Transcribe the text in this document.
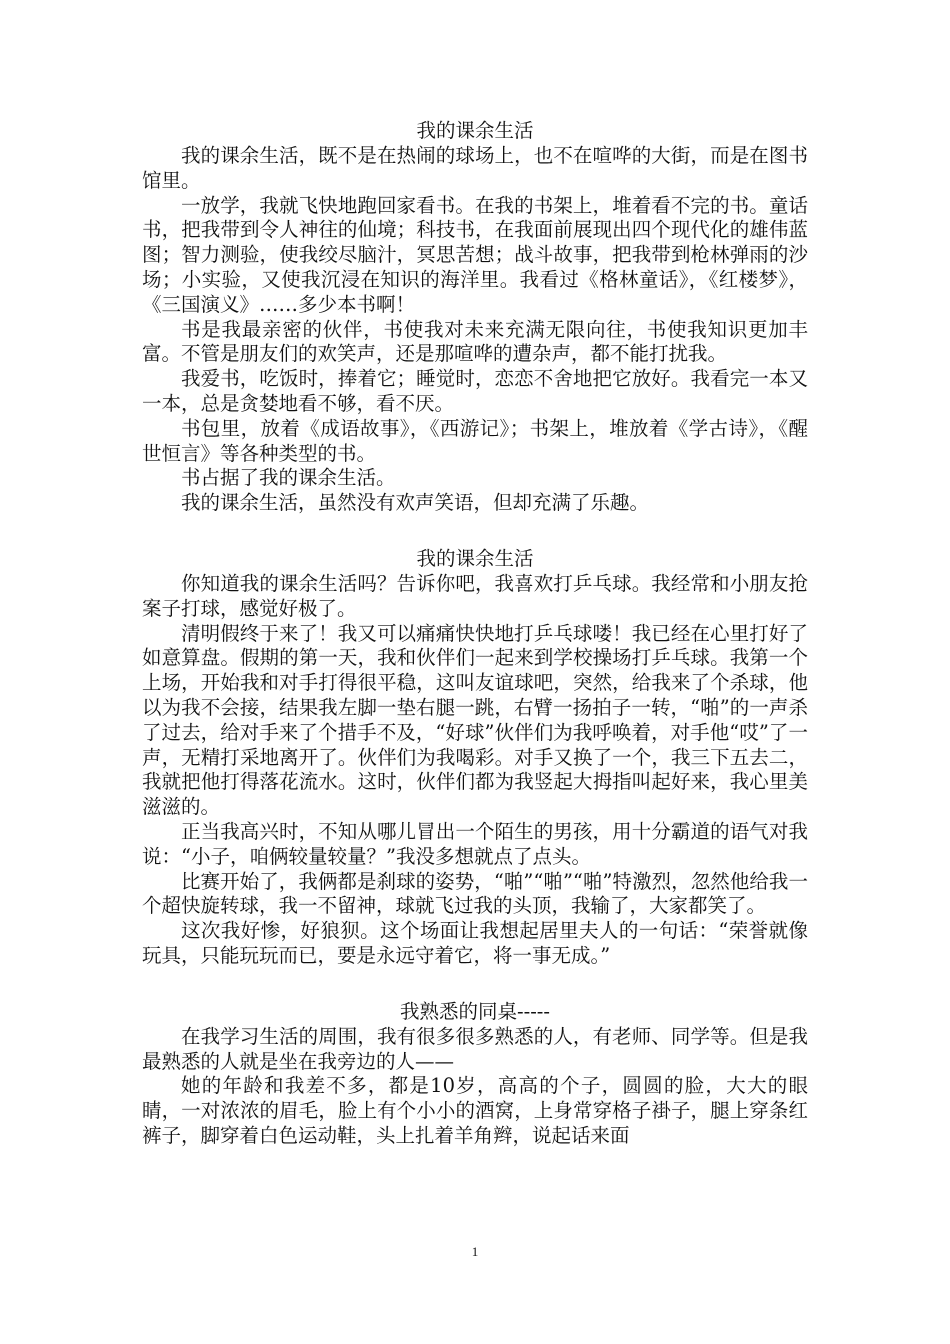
我的课余生活

我的课余生活，既不是在热闹的球场上，也不在喧哗的大街，而是在图书馆里。

一放学，我就飞快地跑回家看书。在我的书架上，堆着看不完的书。童话书，把我带到令人神往的仙境；科技书，在我面前展现出四个现代化的雄伟蓝图；智力测验，使我绞尽脑汁，冥思苦想；战斗故事，把我带到枪林弹雨的沙场；小实验，又使我沉浸在知识的海洋里。我看过《格林童话》，《红楼梦》，《三国演义》……多少本书啊！

书是我最亲密的伙伴，书使我对未来充满无限向往，书使我知识更加丰富。不管是朋友们的欢笑声，还是那喧哗的遭杂声，都不能打扰我。

我爱书，吃饭时，捧着它；睡觉时，恋恋不舍地把它放好。我看完一本又一本，总是贪婪地看不够，看不厌。

书包里，放着《成语故事》，《西游记》；书架上，堆放着《学古诗》，《醒世恒言》等各种类型的书。

书占据了我的课余生活。

我的课余生活，虽然没有欢声笑语，但却充满了乐趣。

我的课余生活

你知道我的课余生活吗？告诉你吧，我喜欢打乒乓球。我经常和小朋友抢案子打球，感觉好极了。

清明假终于来了！我又可以痛痛快快地打乒乓球喽！我已经在心里打好了如意算盘。假期的第一天，我和伙伴们一起来到学校操场打乒乓球。我第一个上场，开始我和对手打得很平稳，这叫友谊球吧，突然，给我来了个杀球，他以为我不会接，结果我左脚一垫右腿一跳，右臂一扬拍子一转，“啪”的一声杀了过去，给对手来了个措手不及，“好球”伙伴们为我呼唤着，对手他“哎”了一声，无精打采地离开了。伙伴们为我喝彩。对手又换了一个，我三下五去二，我就把他打得落花流水。这时，伙伴们都为我竖起大拇指叫起好来，我心里美滋滋的。

正当我高兴时，不知从哪儿冒出一个陌生的男孩，用十分霸道的语气对我说：“小子，咱俩较量较量？”我没多想就点了点头。

比赛开始了，我俩都是刹球的姿势，“啪”“啪”“啪”特激烈，忽然他给我一个超快旋转球，我一不留神，球就飞过我的头顶，我输了，大家都笑了。

这次我好惨，好狼狈。这个场面让我想起居里夫人的一句话：“荣誉就像玩具，只能玩玩而已，要是永远守着它，将一事无成。”

我熟悉的同桌-----

在我学习生活的周围，我有很多很多熟悉的人，有老师、同学等。但是我最熟悉的人就是坐在我旁边的人——

她的年龄和我差不多，都是10岁，高高的个子，圆圆的脸，大大的眼睛，一对浓浓的眉毛，脸上有个小小的酒窝，上身常穿格子褂子，腿上穿条红裤子，脚穿着白色运动鞋，头上扎着羊角辫，说起话来面

1
